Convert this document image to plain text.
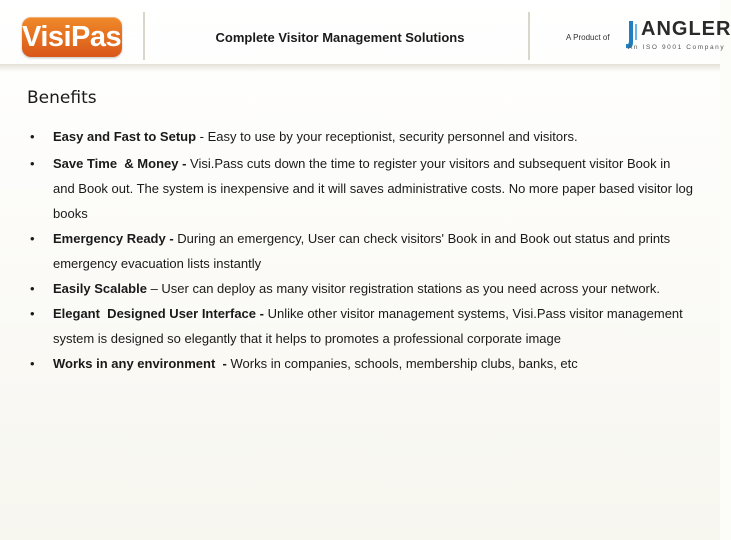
VisiPass	Complete Visitor Management Solutions	A Product of ANGLER
An ISO 9001 Company
Benefits
• Easy and Fast to Setup - Easy to use by your receptionist, security personnel and visitors.
• Save Time  & Money - Visi.Pass cuts down the time to register your visitors and subsequent visitor Book in and Book out. The system is inexpensive and it will saves administrative costs. No more paper based visitor log books
• Emergency Ready - During an emergency, User can check visitors' Book in and Book out status and prints emergency evacuation lists instantly
• Easily Scalable – User can deploy as many visitor registration stations as you need across your network.
• Elegant  Designed User Interface - Unlike other visitor management systems, Visi.Pass visitor management system is designed so elegantly that it helps to promotes a professional corporate image
• Works in any environment  - Works in companies, schools, membership clubs, banks, etc
